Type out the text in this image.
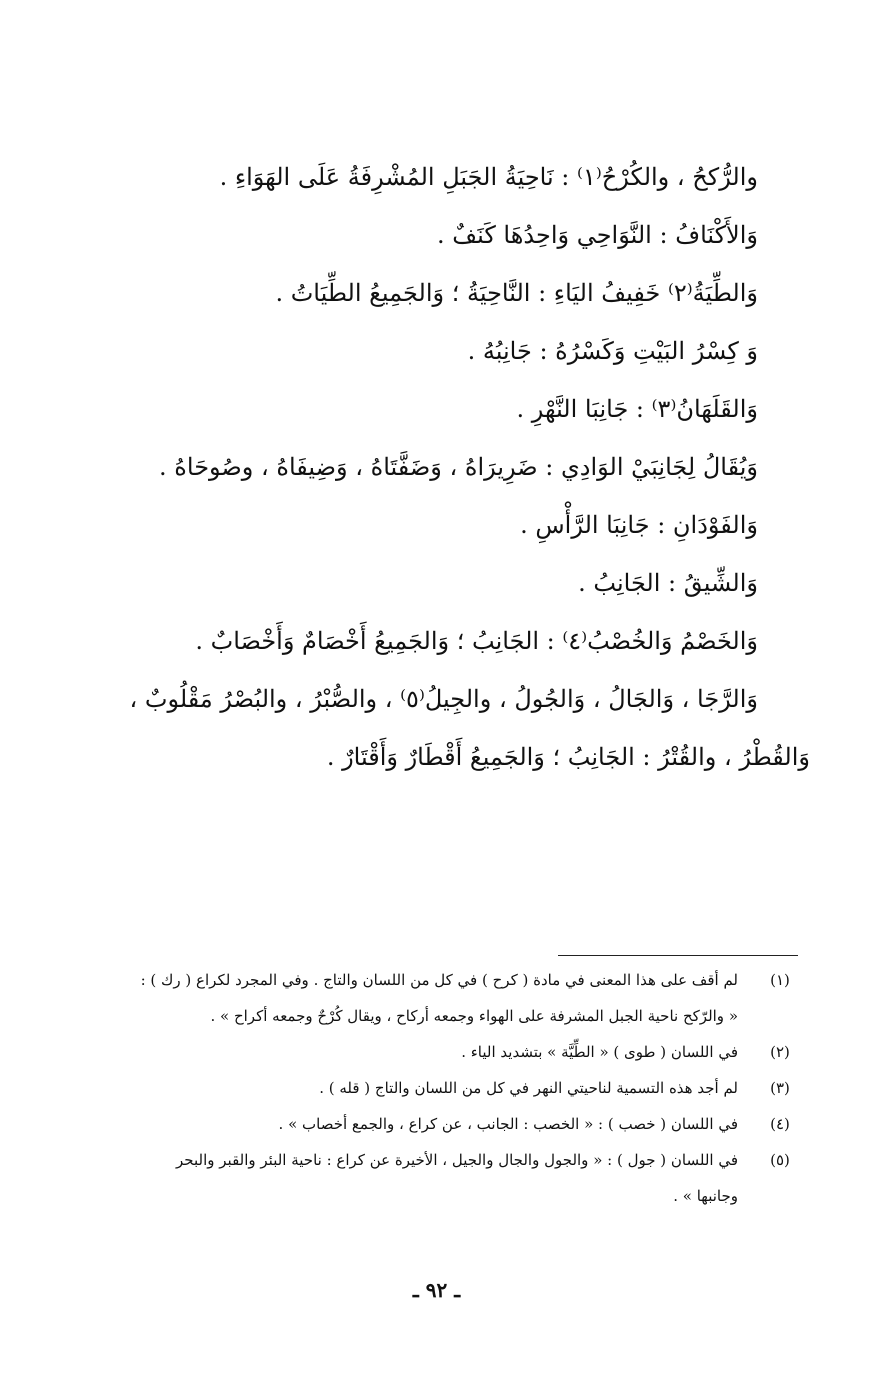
والرُّكحُ ، والكُرْحُ⁽١⁾ : نَاحِيَةُ الجَبَلِ المُشْرِفَةُ عَلَى الهَوَاءِ .
وَالأَكْنَافُ : النَّوَاحِي وَاحِدُهَا كَنَفٌ .
وَالطِّيَةُ⁽٢⁾ خَفِيفُ اليَاءِ : النَّاحِيَةُ ؛ وَالجَمِيعُ الطِّيَاتُ .
وَ كِسْرُ البَيْتِ وَكَسْرُهُ : جَانِبُهُ .
وَالقَلَهَانُ⁽٣⁾ : جَانِبَا النَّهْرِ .
وَيُقَالُ لِجَانِبَيْ الوَادِي : ضَرِيرَاهُ ، وَضَفَّتَاهُ ، وَضِيفَاهُ ، وصُوحَاهُ .
وَالفَوْدَانِ : جَانِبَا الرَّأْسِ .
وَالشِّيقُ : الجَانِبُ .
وَالخَصْمُ وَالخُصْبُ⁽٤⁾ : الجَانِبُ ؛ وَالجَمِيعُ أَخْصَامٌ وَأَخْصَابٌ .
وَالرَّجَا ، وَالجَالُ ، وَالجُولُ ، والجِيلُ⁽٥⁾ ، والصُّبْرُ ، والبُصْرُ مَقْلُوبٌ ،
وَالقُطْرُ ، والقُتْرُ : الجَانِبُ ؛ وَالجَمِيعُ أَقْطَارٌ وَأَقْتَارٌ .
(١)
لم أقف على هذا المعنى في مادة ( كرح ) في كل من اللسان والتاج . وفي المجرد لكراع ( رك ) :
« والرّكح ناحية الجبل المشرفة على الهواء وجمعه أركاح ، ويقال كُرْحٌ وجمعه أكراح » .
(٢)
في اللسان ( طوى ) « الطِّيَّة » بتشديد الياء .
(٣)
لم أجد هذه التسمية لناحيتي النهر في كل من اللسان والتاج ( قله ) .
(٤)
في اللسان ( خصب ) : « الخصب : الجانب ، عن كراع ، والجمع أخصاب » .
(٥)
في اللسان ( جول ) : « والجول والجال والجيل ، الأخيرة عن كراع : ناحية البئر والقبر والبحر
وجانبها » .
ـ ٩٢ ـ
